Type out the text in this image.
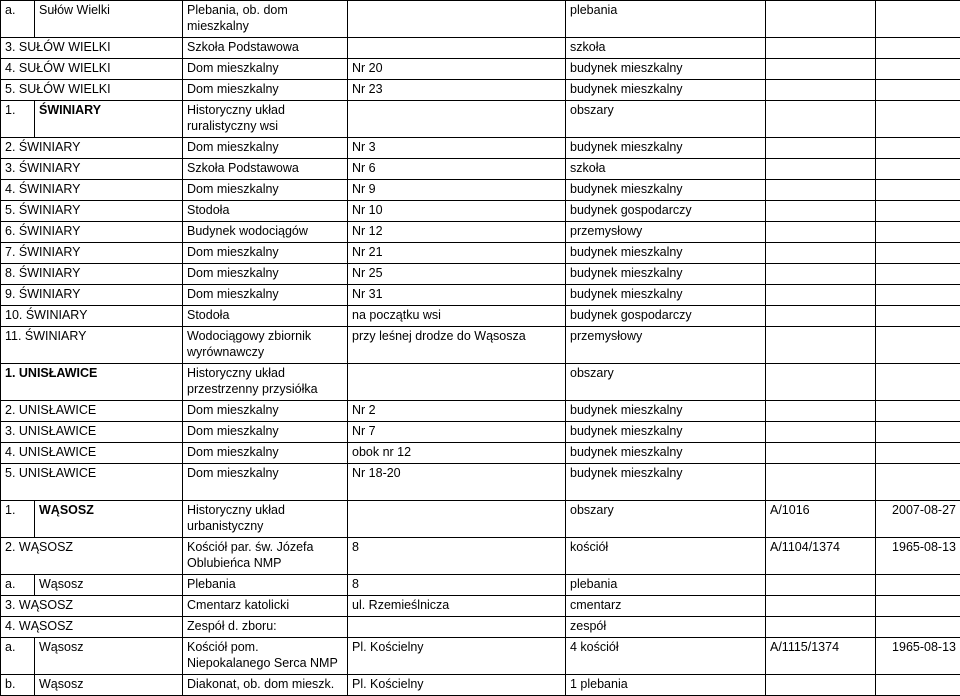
a.	Sułów Wielki	Plebania, ob. dom mieszkalny		plebania		
3. SUŁÓW WIELKI		Szkoła Podstawowa		szkoła		
4. SUŁÓW WIELKI		Dom mieszkalny	Nr 20	budynek mieszkalny		
5. SUŁÓW WIELKI		Dom mieszkalny	Nr 23	budynek mieszkalny		
1.	ŚWINIARY	Historyczny układ ruralistyczny wsi		obszary		
2. ŚWINIARY		Dom mieszkalny	Nr 3	budynek mieszkalny		
3. ŚWINIARY		Szkoła Podstawowa	Nr 6	szkoła		
4. ŚWINIARY		Dom mieszkalny	Nr 9	budynek mieszkalny		
5. ŚWINIARY		Stodoła	Nr 10	budynek gospodarczy		
6. ŚWINIARY		Budynek wodociągów	Nr 12	przemysłowy		
7. ŚWINIARY		Dom mieszkalny	Nr 21	budynek mieszkalny		
8. ŚWINIARY		Dom mieszkalny	Nr 25	budynek mieszkalny		
9. ŚWINIARY		Dom mieszkalny	Nr 31	budynek mieszkalny		
10. ŚWINIARY		Stodoła	na początku wsi	budynek gospodarczy		
11. ŚWINIARY		Wodociągowy zbiornik wyrównawczy	przy leśnej drodze do Wąsosza	przemysłowy		
1. UNISŁAWICE		Historyczny układ przestrzenny przysiółka		obszary		
2. UNISŁAWICE		Dom mieszkalny	Nr 2	budynek mieszkalny		
3. UNISŁAWICE		Dom mieszkalny	Nr 7	budynek mieszkalny		
4. UNISŁAWICE		Dom mieszkalny	obok nr 12	budynek mieszkalny		
5. UNISŁAWICE		Dom mieszkalny	Nr 18-20	budynek mieszkalny		
1.	WĄSOSZ	Historyczny układ urbanistyczny		obszary	A/1016	2007-08-27
2. WĄSOSZ		Kościół par. św. Józefa Oblubieńca NMP	8	kościół	A/1104/1374	1965-08-13
a.	Wąsosz	Plebania	8	plebania		
3. WĄSOSZ		Cmentarz katolicki	ul. Rzemieślnicza	cmentarz		
4. WĄSOSZ		Zespół d. zboru:		zespół		
a.	Wąsosz	Kościół pom. Niepokalanego Serca NMP	Pl. Kościelny	4 kościół	A/1115/1374	1965-08-13
b.	Wąsosz	Diakonat, ob. dom mieszk.	Pl. Kościelny	1 plebania		
